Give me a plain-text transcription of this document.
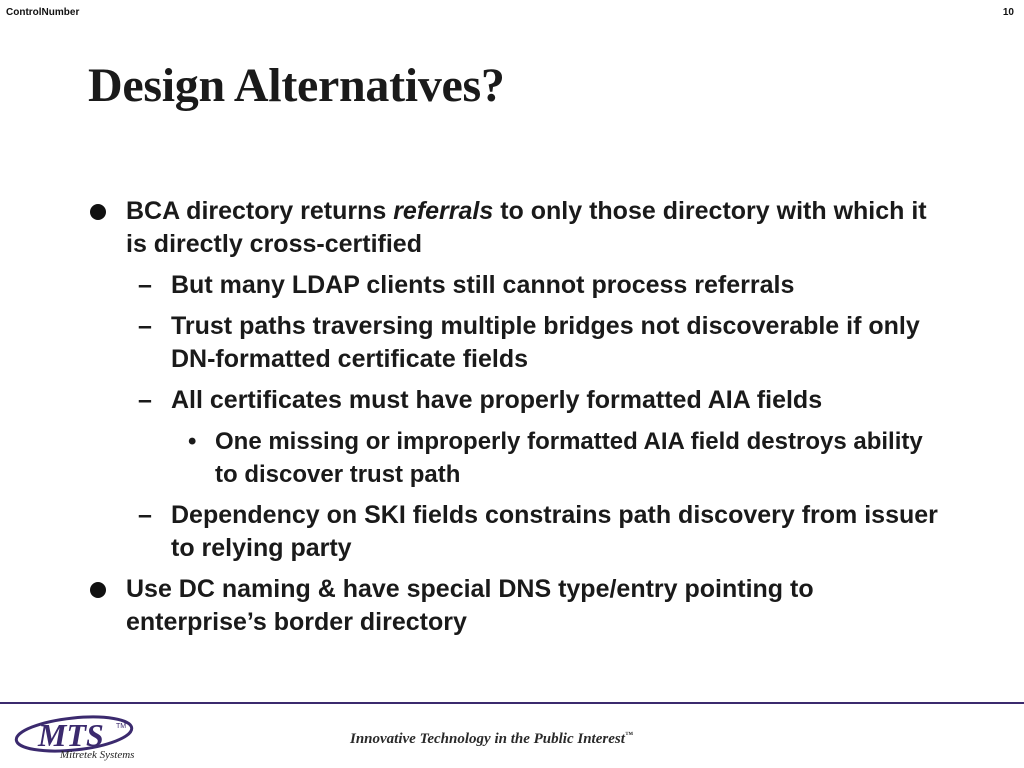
ControlNumber	10
Design Alternatives?
BCA directory returns referrals to only those directory with which it is directly cross-certified
– But many LDAP clients still cannot process referrals
– Trust paths traversing multiple bridges not discoverable if only DN-formatted certificate fields
– All certificates must have properly formatted AIA fields
• One missing or improperly formatted AIA field destroys ability to discover trust path
– Dependency on SKI fields constrains path discovery from issuer to relying party
Use DC naming & have special DNS type/entry pointing to enterprise’s border directory
MTS TM
Mitretek Systems
Innovative Technology in the Public Interest™
